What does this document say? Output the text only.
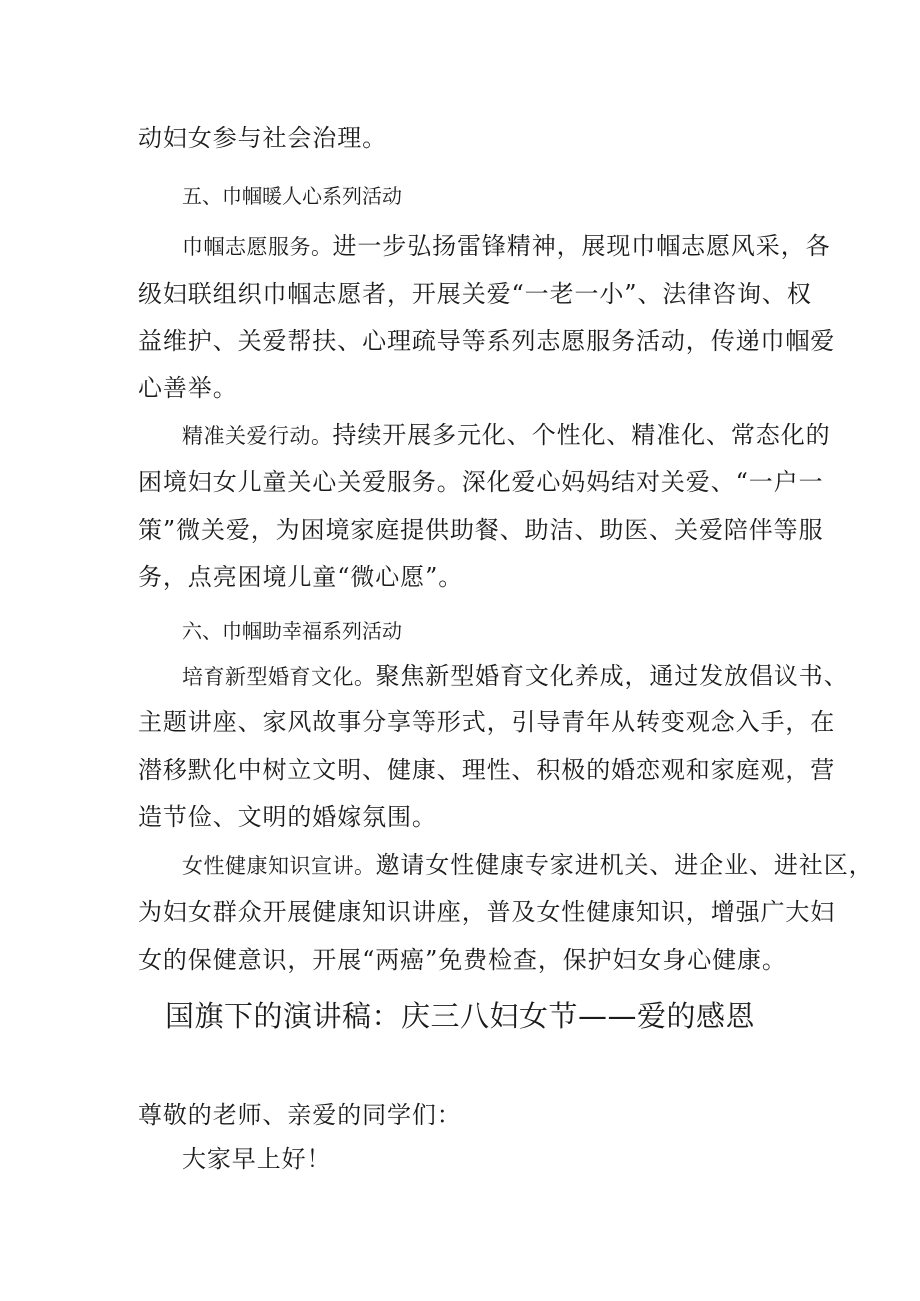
动妇女参与社会治理。
五、巾帼暖人心系列活动
巾帼志愿服务。进一步弘扬雷锋精神，展现巾帼志愿风采，各
级妇联组织巾帼志愿者，开展关爱“一老一小”、法律咨询、权
益维护、关爱帮扶、心理疏导等系列志愿服务活动，传递巾帼爱
心善举。
精准关爱行动。持续开展多元化、个性化、精准化、常态化的
困境妇女儿童关心关爱服务。深化爱心妈妈结对关爱、“一户一
策”微关爱，为困境家庭提供助餐、助洁、助医、关爱陪伴等服
务，点亮困境儿童“微心愿”。
六、巾帼助幸福系列活动
培育新型婚育文化。聚焦新型婚育文化养成，通过发放倡议书、
主题讲座、家风故事分享等形式，引导青年从转变观念入手，在
潜移默化中树立文明、健康、理性、积极的婚恋观和家庭观，营
造节俭、文明的婚嫁氛围。
女性健康知识宣讲。邀请女性健康专家进机关、进企业、进社区，
为妇女群众开展健康知识讲座，普及女性健康知识，增强广大妇
女的保健意识，开展“两癌”免费检查，保护妇女身心健康。
国旗下的演讲稿：庆三八妇女节——爱的感恩
尊敬的老师、亲爱的同学们：
大家早上好！
